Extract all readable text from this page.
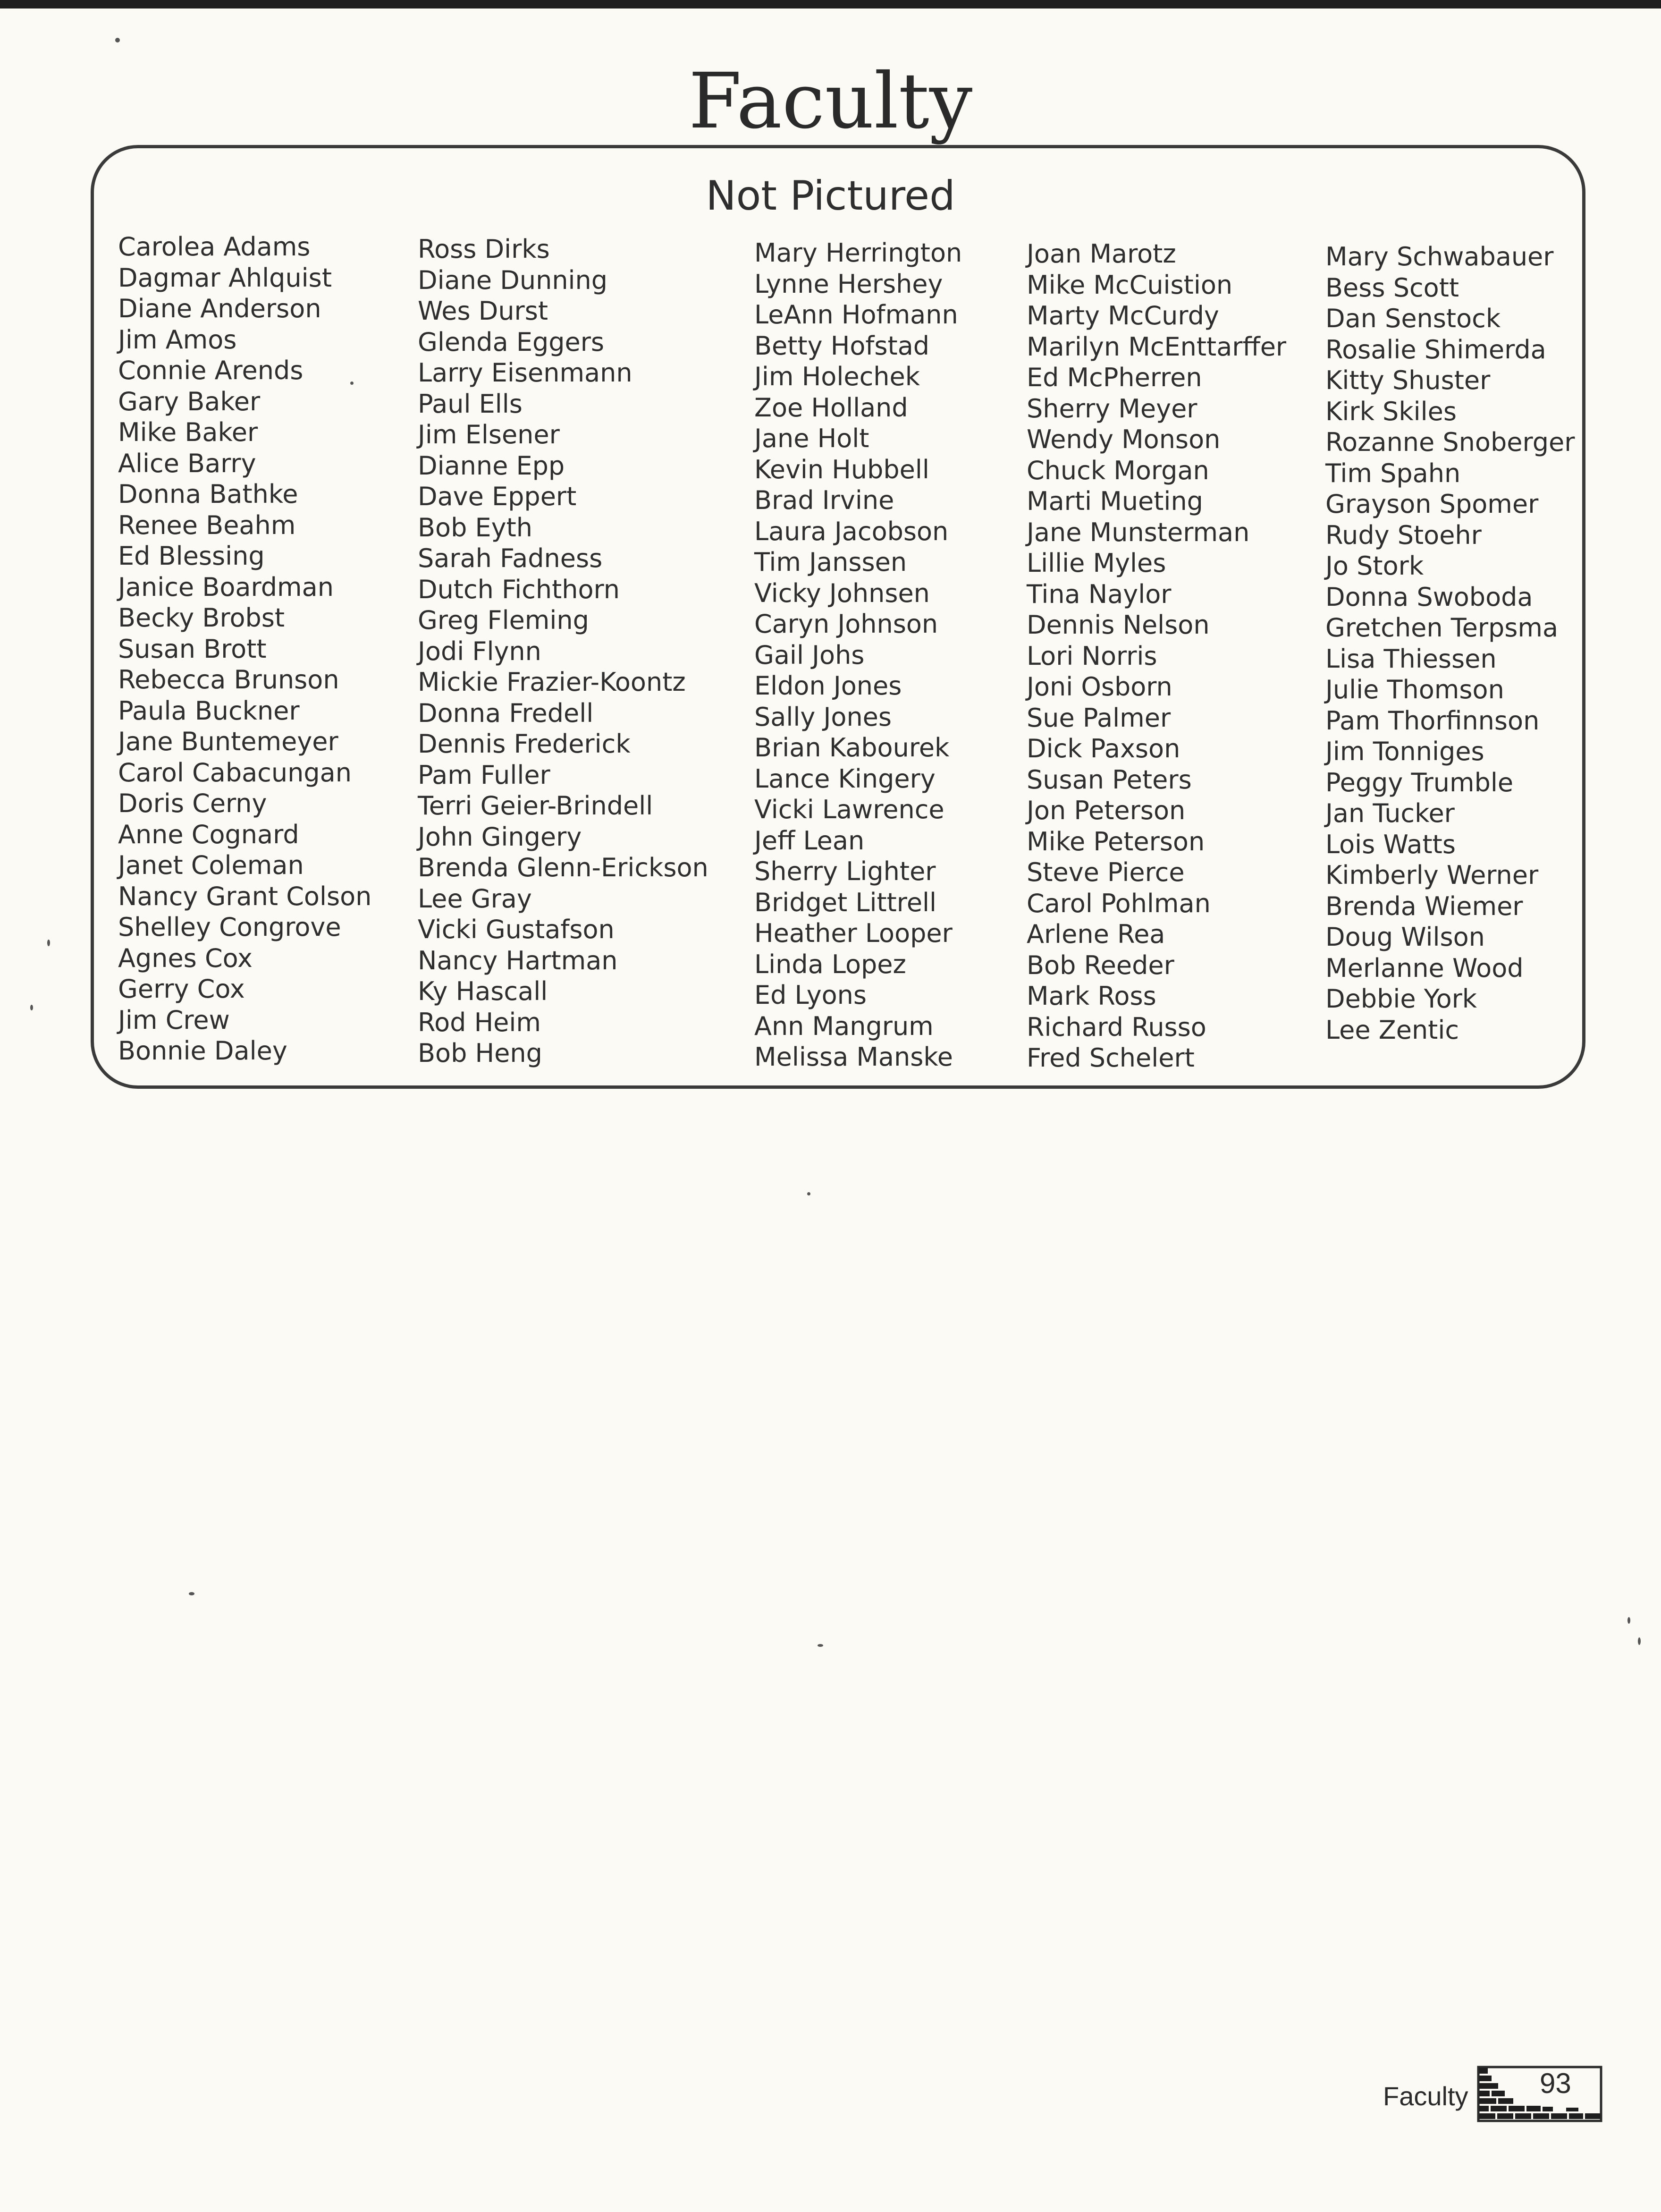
Faculty
Not Pictured
Carolea Adams
Dagmar Ahlquist
Diane Anderson
Jim Amos
Connie Arends
Gary Baker
Mike Baker
Alice Barry
Donna Bathke
Renee Beahm
Ed Blessing
Janice Boardman
Becky Brobst
Susan Brott
Rebecca Brunson
Paula Buckner
Jane Buntemeyer
Carol Cabacungan
Doris Cerny
Anne Cognard
Janet Coleman
Nancy Grant Colson
Shelley Congrove
Agnes Cox
Gerry Cox
Jim Crew
Bonnie Daley
Ross Dirks
Diane Dunning
Wes Durst
Glenda Eggers
Larry Eisenmann
Paul Ells
Jim Elsener
Dianne Epp
Dave Eppert
Bob Eyth
Sarah Fadness
Dutch Fichthorn
Greg Fleming
Jodi Flynn
Mickie Frazier-Koontz
Donna Fredell
Dennis Frederick
Pam Fuller
Terri Geier-Brindell
John Gingery
Brenda Glenn-Erickson
Lee Gray
Vicki Gustafson
Nancy Hartman
Ky Hascall
Rod Heim
Bob Heng
Mary Herrington
Lynne Hershey
LeAnn Hofmann
Betty Hofstad
Jim Holechek
Zoe Holland
Jane Holt
Kevin Hubbell
Brad Irvine
Laura Jacobson
Tim Janssen
Vicky Johnsen
Caryn Johnson
Gail Johs
Eldon Jones
Sally Jones
Brian Kabourek
Lance Kingery
Vicki Lawrence
Jeff Lean
Sherry Lighter
Bridget Littrell
Heather Looper
Linda Lopez
Ed Lyons
Ann Mangrum
Melissa Manske
Joan Marotz
Mike McCuistion
Marty McCurdy
Marilyn McEnttarffer
Ed McPherren
Sherry Meyer
Wendy Monson
Chuck Morgan
Marti Mueting
Jane Munsterman
Lillie Myles
Tina Naylor
Dennis Nelson
Lori Norris
Joni Osborn
Sue Palmer
Dick Paxson
Susan Peters
Jon Peterson
Mike Peterson
Steve Pierce
Carol Pohlman
Arlene Rea
Bob Reeder
Mark Ross
Richard Russo
Fred Schelert
Mary Schwabauer
Bess Scott
Dan Senstock
Rosalie Shimerda
Kitty Shuster
Kirk Skiles
Rozanne Snoberger
Tim Spahn
Grayson Spomer
Rudy Stoehr
Jo Stork
Donna Swoboda
Gretchen Terpsma
Lisa Thiessen
Julie Thomson
Pam Thorfinnson
Jim Tonniges
Peggy Trumble
Jan Tucker
Lois Watts
Kimberly Werner
Brenda Wiemer
Doug Wilson
Merlanne Wood
Debbie York
Lee Zentic
Faculty	93
